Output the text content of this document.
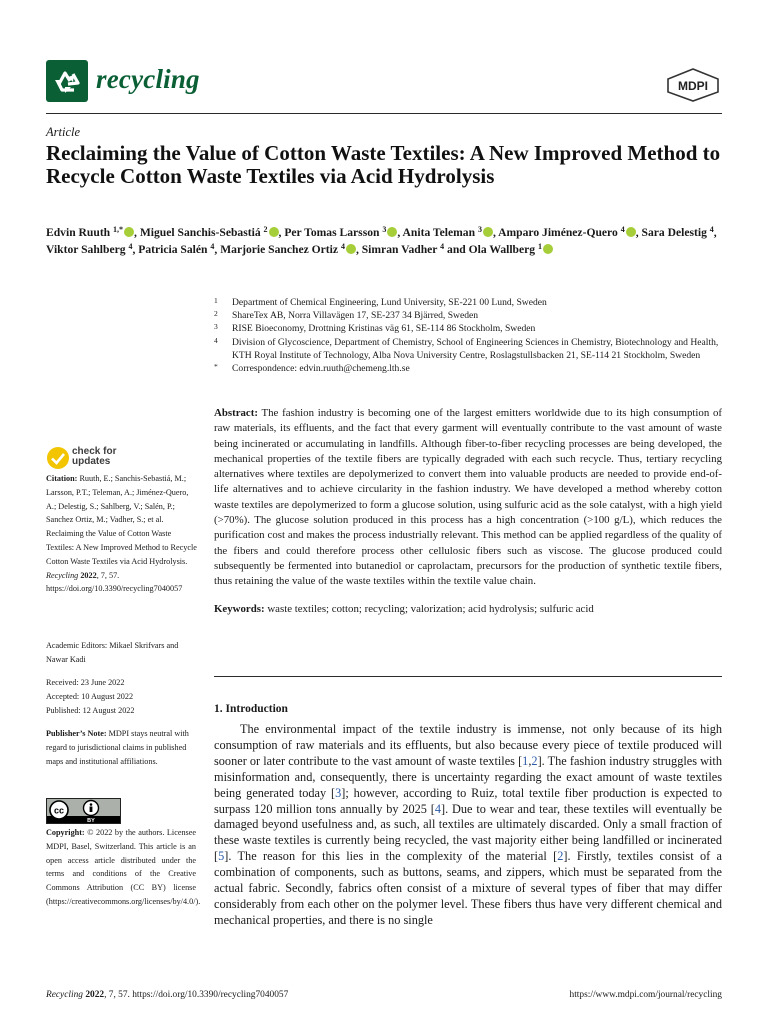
recycling	MDPI
Article
Reclaiming the Value of Cotton Waste Textiles: A New Improved Method to Recycle Cotton Waste Textiles via Acid Hydrolysis
Edvin Ruuth $^{1,*}$ , Miguel Sanchis-Sebastiá $^2$ , Per Tomas Larsson $^3$ , Anita Teleman $^3$ , Amparo Jiménez-Quero $^4$ , Sara Delestig $^4$, Viktor Sahlberg $^4$, Patricia Salén $^4$, Marjorie Sanchez Ortiz $^4$ , Simran Vadher $^4$ and Ola Wallberg $^1$
1 Department of Chemical Engineering, Lund University, SE-221 00 Lund, Sweden
2 ShareTex AB, Norra Villavägen 17, SE-237 34 Bjärred, Sweden
3 RISE Bioeconomy, Drottning Kristinas väg 61, SE-114 86 Stockholm, Sweden
4 Division of Glycoscience, Department of Chemistry, School of Engineering Sciences in Chemistry, Biotechnology and Health, KTH Royal Institute of Technology, Alba Nova University Centre, Roslagstullsbacken 21, SE-114 21 Stockholm, Sweden
* Correspondence: edvin.ruuth@chemeng.lth.se

Abstract: The fashion industry is becoming one of the largest emitters worldwide due to its high consumption of raw materials, its effluents, and the fact that every garment will eventually contribute to the vast amount of waste being incinerated or accumulating in landfills. Although fiber-to-fiber recycling processes are being developed, the mechanical properties of the textile fibers are typically degraded with each such recycle. Thus, tertiary recycling alternatives where textiles are depolymerized to convert them into valuable products are needed to provide end-of-life alternatives and to achieve circularity in the fashion industry. We have developed a method whereby cotton waste textiles are depolymerized to form a glucose solution, using sulfuric acid as the sole catalyst, with a high yield (>70%). The glucose solution produced in this process has a high concentration (>100 g/L), which reduces the purification cost and makes the process industrially relevant. This method can be applied regardless of the quality of the fibers and could therefore process other cellulosic fibers such as viscose. The glucose produced could subsequently be fermented into butanediol or caprolactam, precursors for the production of synthetic textile fibers, thus retaining the value of the waste textiles within the textile value chain.

Keywords: waste textiles; cotton; recycling; valorization; acid hydrolysis; sulfuric acid

1. Introduction

The environmental impact of the textile industry is immense, not only because of its high consumption of raw materials and its effluents, but also because every piece of textile produced will sooner or later contribute to the vast amount of waste textiles [1,2]. The fashion industry struggles with misinformation and, consequently, there is uncertainty regarding the exact amount of waste textiles being generated today [3]; however, according to Ruiz, total textile fiber production is expected to surpass 120 million tons annually by 2025 [4]. Due to wear and tear, these textiles will eventually be damaged beyond usefulness and, as such, all textiles are ultimately discarded. Only a small fraction of these waste textiles is currently being recycled, the vast majority either being landfilled or incinerated [5]. The reason for this lies in the complexity of the material [2]. Firstly, textiles consist of a combination of components, such as buttons, seams, and zippers, which must be separated from the actual fabric. Secondly, fabrics often consist of a mixture of several types of fiber that may differ considerably from each other on the polymer level. These fibers thus have very different chemical and mechanical properties, and there is no single

check for
updates
Citation: Ruuth, E.; Sanchis-Sebastiá, M.; Larsson, P.T.; Teleman, A.; Jiménez-Quero, A.; Delestig, S.; Sahlberg, V.; Salén, P.; Sanchez Ortiz, M.; Vadher, S.; et al. Reclaiming the Value of Cotton Waste Textiles: A New Improved Method to Recycle Cotton Waste Textiles via Acid Hydrolysis. Recycling 2022, 7, 57. https://doi.org/10.3390/recycling7040057
Academic Editors: Mikael Skrifvars and Nawar Kadi
Received: 23 June 2022
Accepted: 10 August 2022
Published: 12 August 2022
Publisher’s Note: MDPI stays neutral with regard to jurisdictional claims in published maps and institutional affiliations.
cc
BY
Copyright: © 2022 by the authors. Licensee MDPI, Basel, Switzerland. This article is an open access article distributed under the terms and conditions of the Creative Commons Attribution (CC BY) license (https://creativecommons.org/licenses/by/4.0/).
Recycling 2022, 7, 57. https://doi.org/10.3390/recycling7040057	https://www.mdpi.com/journal/recycling
